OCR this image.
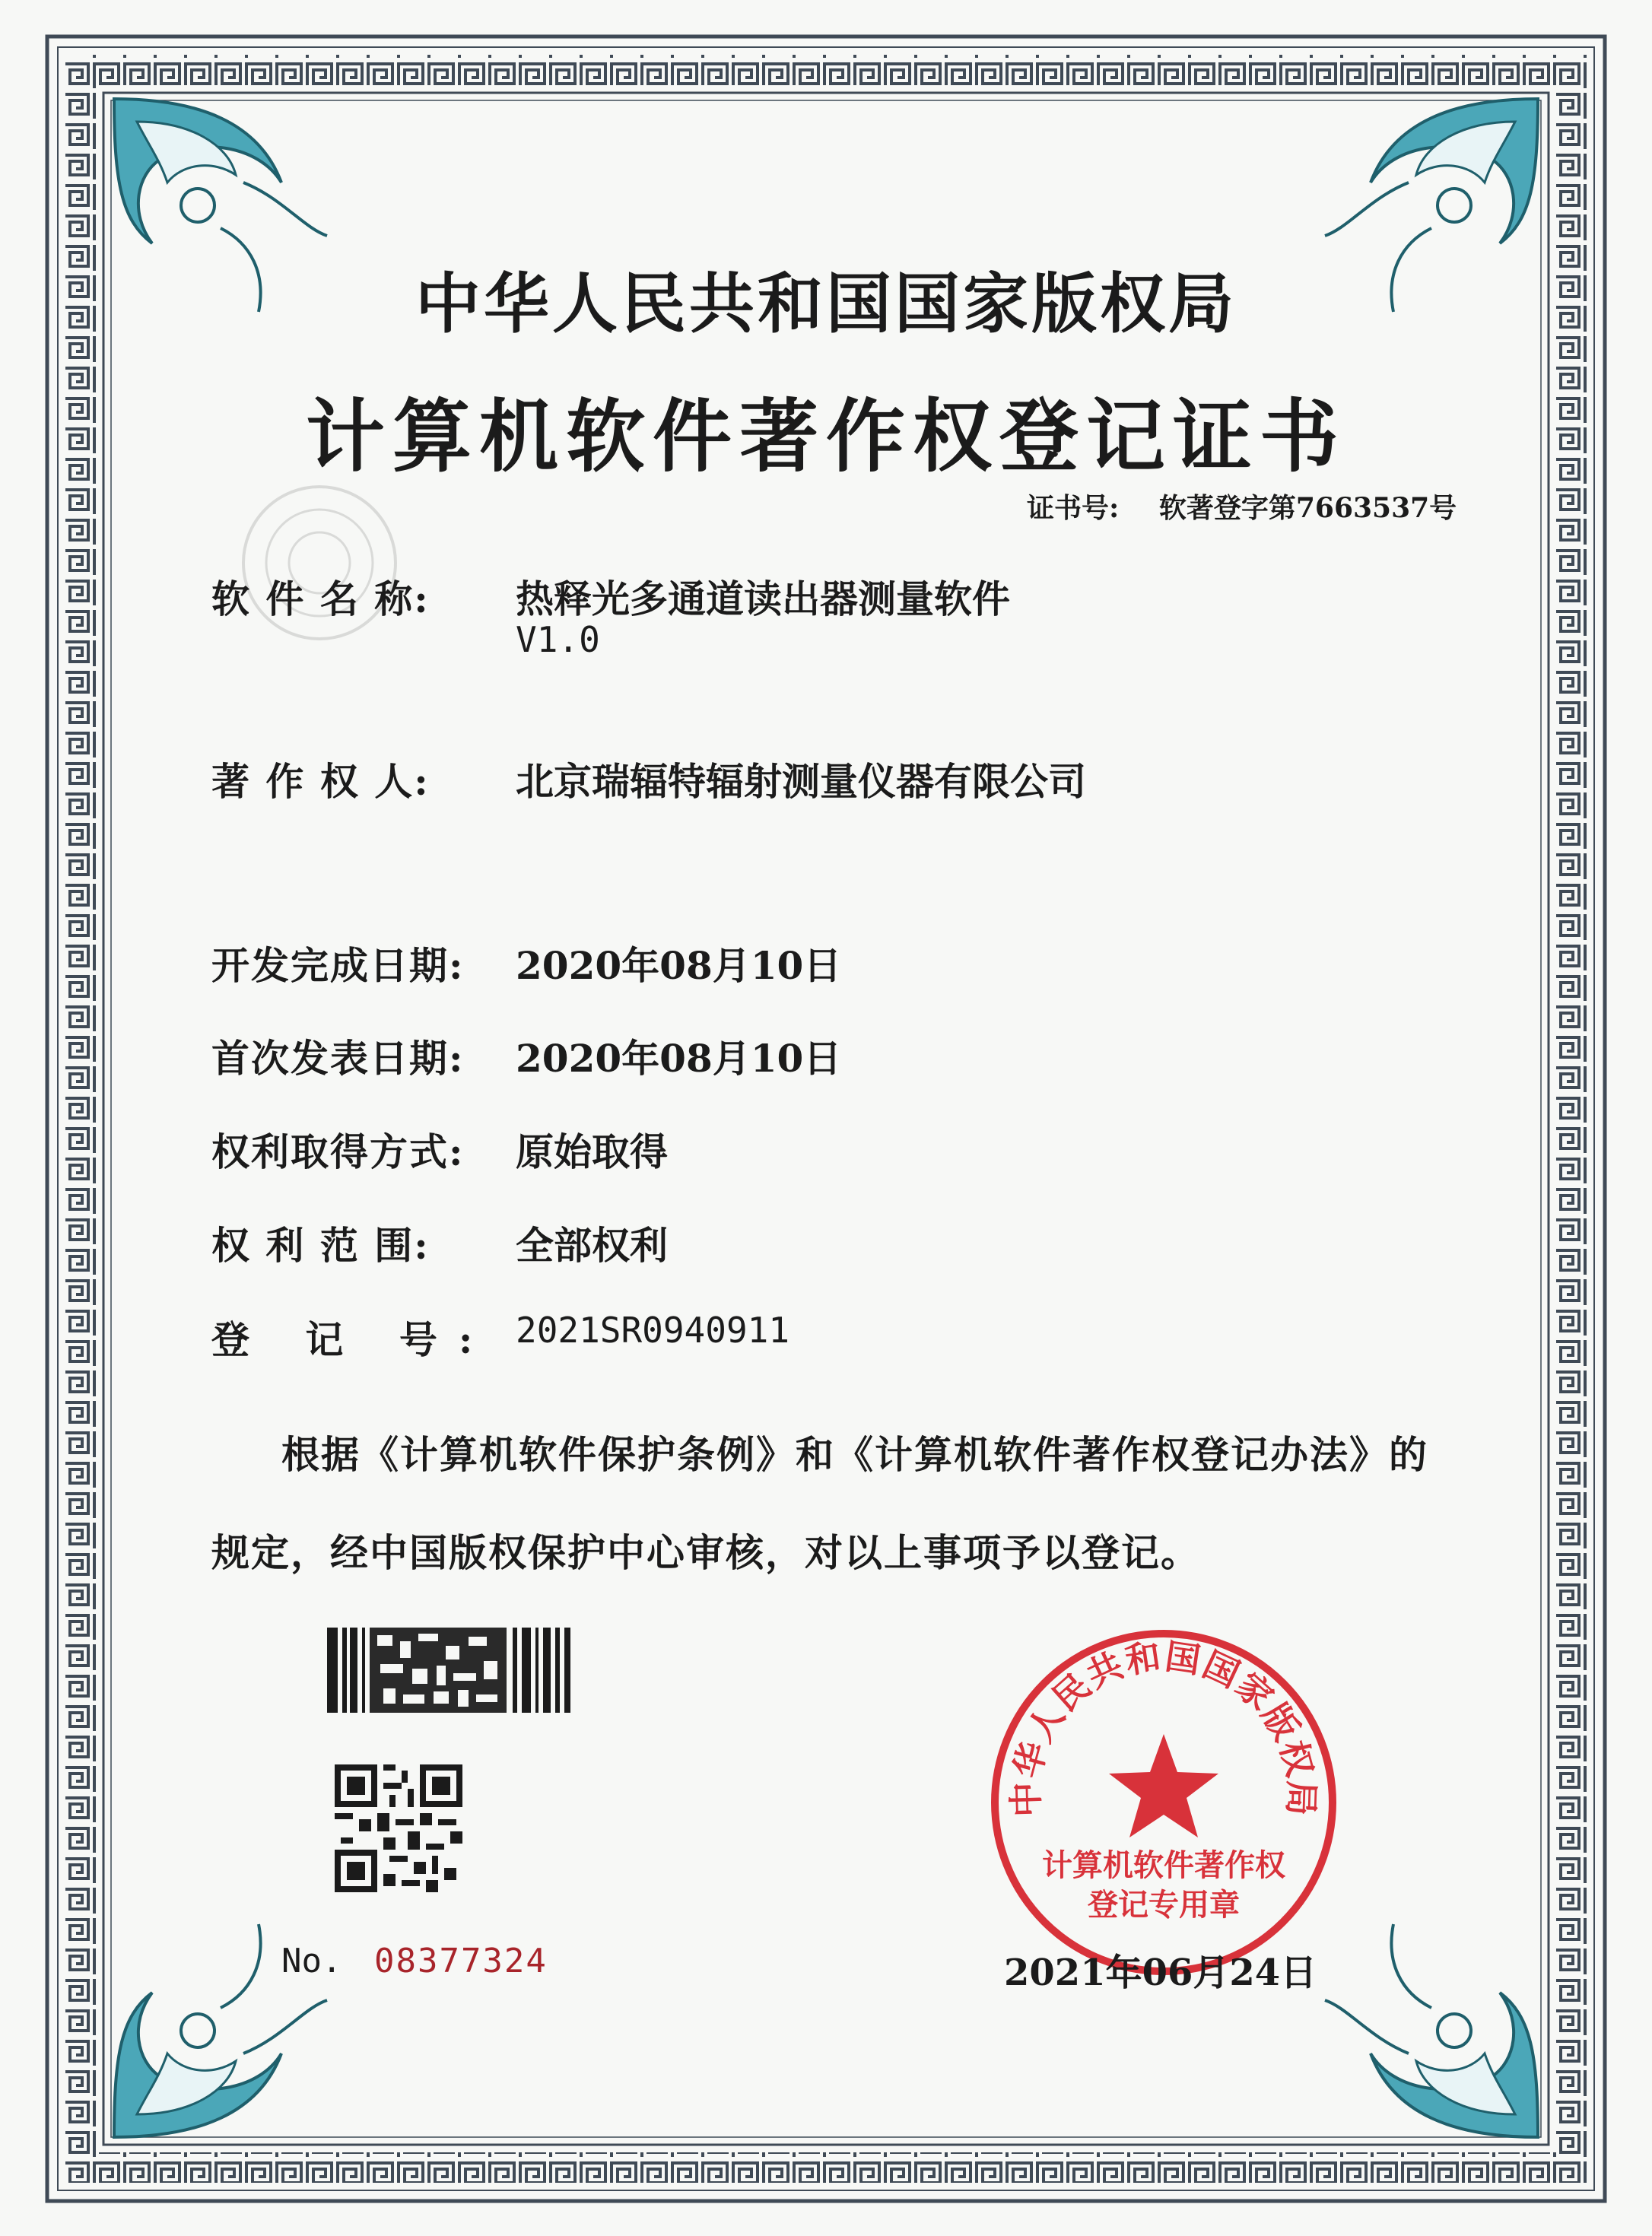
中华人民共和国国家版权局
计算机软件著作权登记证书
证书号: 软著登字第7663537号
软 件 名 称: 热释光多通道读出器测量软件
V1.0
著 作 权 人: 北京瑞辐特辐射测量仪器有限公司
开发完成日期: 2020年08月10日
首次发表日期: 2020年08月10日
权利取得方式: 原始取得
权 利 范 围: 全部权利
登 记 号: 2021SR0940911
根据《计算机软件保护条例》和《计算机软件著作权登记办法》的
规定，经中国版权保护中心审核，对以上事项予以登记。
No. 08377324
中华人民共和国国家版权局
计算机软件著作权
登记专用章
2021年06月24日
